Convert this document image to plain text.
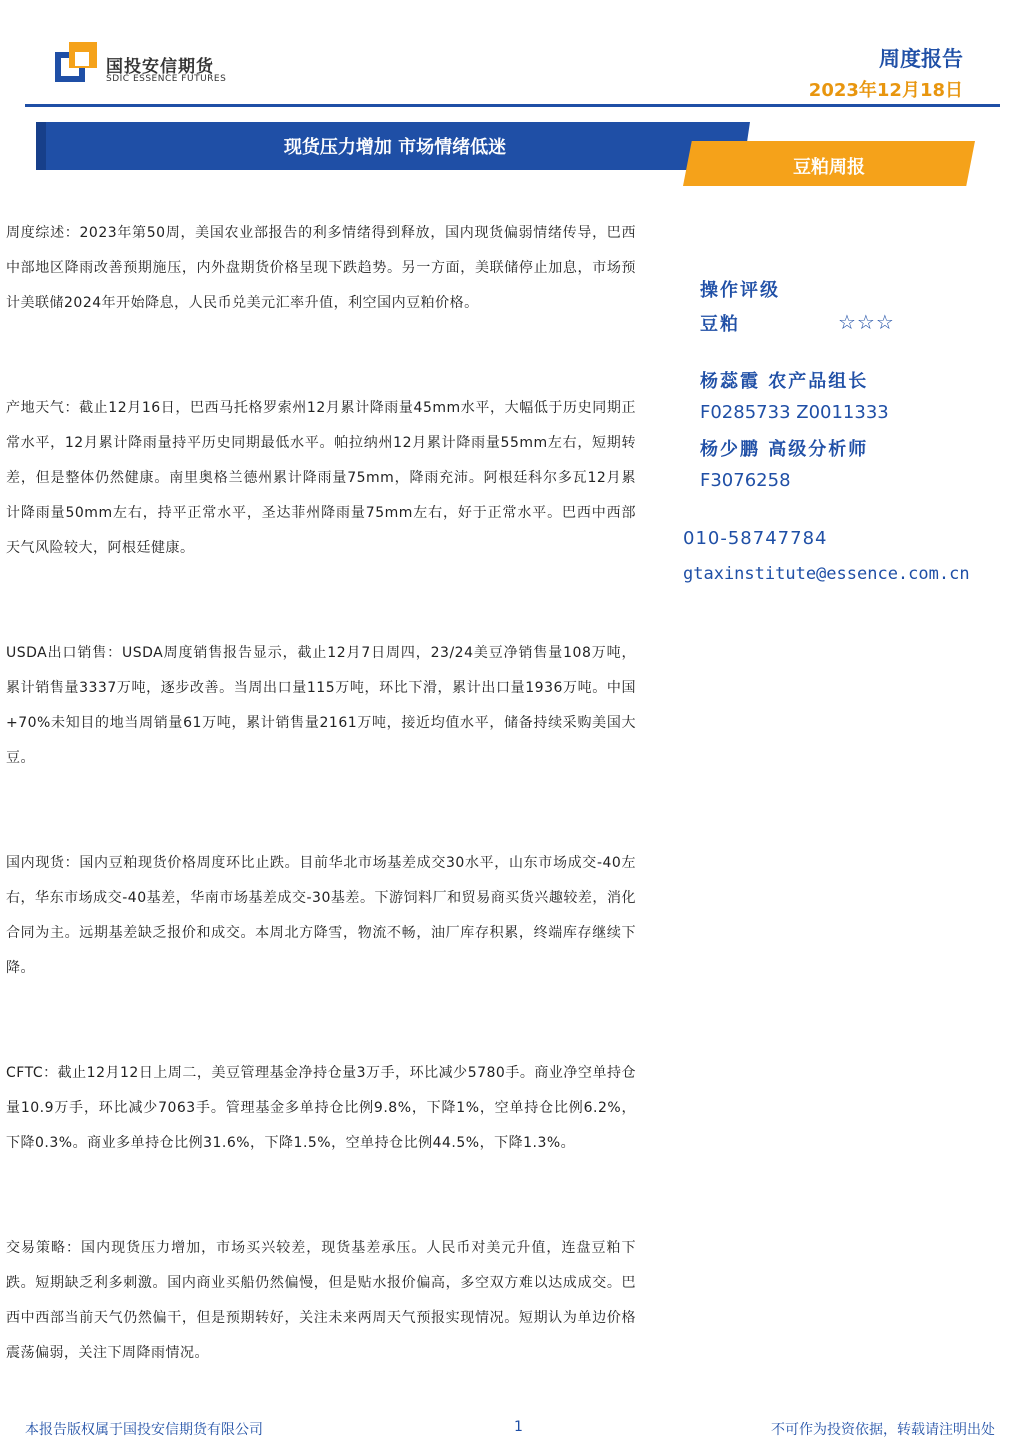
国投安信期货
SDIC ESSENCE FUTURES
周度报告
2023年12月18日
现货压力增加 市场情绪低迷
豆粕周报

周度综述：2023年第50周，美国农业部报告的利多情绪得到释放，国内现货偏弱情绪传导，巴西中部地区降雨改善预期施压，内外盘期货价格呈现下跌趋势。另一方面，美联储停止加息，市场预计美联储2024年开始降息，人民币兑美元汇率升值，利空国内豆粕价格。

产地天气：截止12月16日，巴西马托格罗索州12月累计降雨量45mm水平，大幅低于历史同期正常水平，12月累计降雨量持平历史同期最低水平。帕拉纳州12月累计降雨量55mm左右，短期转差，但是整体仍然健康。南里奥格兰德州累计降雨量75mm，降雨充沛。阿根廷科尔多瓦12月累计降雨量50mm左右，持平正常水平，圣达菲州降雨量75mm左右，好于正常水平。巴西中西部天气风险较大，阿根廷健康。

USDA出口销售：USDA周度销售报告显示，截止12月7日周四，23/24美豆净销售量108万吨，累计销售量3337万吨，逐步改善。当周出口量115万吨，环比下滑，累计出口量1936万吨。中国+70%未知目的地当周销量61万吨，累计销售量2161万吨，接近均值水平，储备持续采购美国大豆。

国内现货：国内豆粕现货价格周度环比止跌。目前华北市场基差成交30水平，山东市场成交-40左右，华东市场成交-40基差，华南市场基差成交-30基差。下游饲料厂和贸易商买货兴趣较差，消化合同为主。远期基差缺乏报价和成交。本周北方降雪，物流不畅，油厂库存积累，终端库存继续下降。

CFTC：截止12月12日上周二，美豆管理基金净持仓量3万手，环比减少5780手。商业净空单持仓量10.9万手，环比减少7063手。管理基金多单持仓比例9.8%，下降1%，空单持仓比例6.2%，下降0.3%。商业多单持仓比例31.6%，下降1.5%，空单持仓比例44.5%，下降1.3%。

交易策略：国内现货压力增加，市场买兴较差，现货基差承压。人民币对美元升值，连盘豆粕下跌。短期缺乏利多刺激。国内商业买船仍然偏慢，但是贴水报价偏高，多空双方难以达成成交。巴西中西部当前天气仍然偏干，但是预期转好，关注未来两周天气预报实现情况。短期认为单边价格震荡偏弱，关注下周降雨情况。

操作评级
豆粕	☆☆☆
杨蕊霞 农产品组长
F0285733 Z0011333
杨少鹏 高级分析师
F3076258
010-58747784
gtaxinstitute@essence.com.cn
本报告版权属于国投安信期货有限公司	1	不可作为投资依据，转载请注明出处
